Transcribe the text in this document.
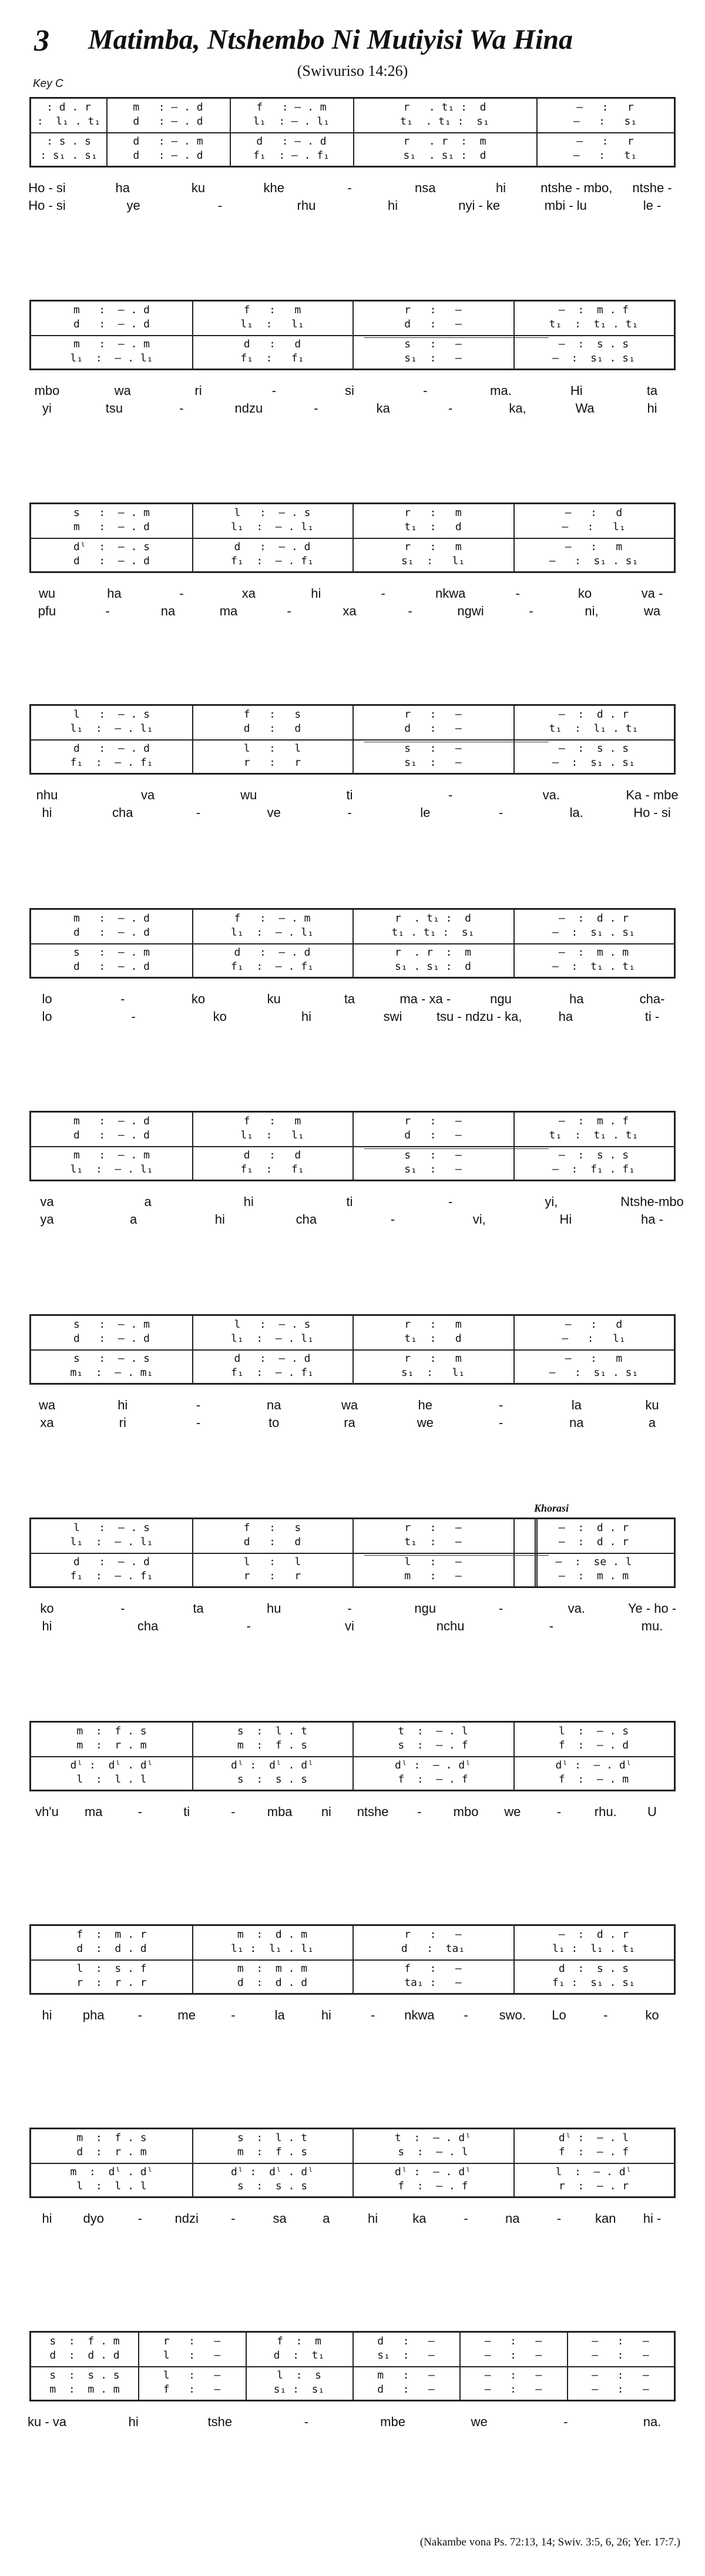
3 Matimba, Ntshembo Ni Mutiyisi Wa Hina
(Swivuriso 14:26)
Key C
: d . r	m   : – . d	f   : – . m	r   . t₁ :  d	—   :   r
:  l₁ . t₁	d   : – . d	l₁  : – . l₁	t₁  . t₁ :  s₁	—   :   s₁
: s . s	d   : – . m	d   : – . d	r   . r  :  m	—   :   r
: s₁ . s₁	d   : – . d	f₁  : – . f₁	s₁  . s₁ :  d	—   :   t₁
Ho - si	ha	ku	khe	-	nsa	hi	ntshe - mbo, ntshe -
Ho - si	ye	-	rhu	hi	nyi - ke	mbi - lu	le -
m   :  – . d	f   :   m	r   :   —	—  :  m . f
d   :  – . d	l₁  :   l₁	d   :   —	t₁  :  t₁ . t₁
m   :  – . m	d   :   d	s   :   —	—  :  s . s
l₁  :  – . l₁	f₁  :   f₁	s₁  :   —	—  :  s₁ . s₁
mbo	wa	ri	-	si	-	ma.	Hi	ta
yi	tsu	-	ndzu	-	ka	-	ka,	Wa	hi
s   :  – . m	l   :  – . s	r   :   m	—   :   d
m   :  – . d	l₁  :  – . l₁	t₁  :   d	—   :   l₁
dˡ  :  – . s	d   :  – . d	r   :   m	—   :   m
d   :  – . d	f₁  :  – . f₁	s₁  :   l₁	—   :  s₁ . s₁
wu	ha	-	xa	hi	-	nkwa	-	ko	va -
pfu	-	na	ma	-	xa	-	ngwi	-	ni,	wa
l   :  – . s	f   :   s	r   :   —	—  :  d . r
l₁  :  – . l₁	d   :   d	d   :   —	t₁  :  l₁ . t₁
d   :  – . d	l   :   l	s   :   —	—  :  s . s
f₁  :  – . f₁	r   :   r	s₁  :   —	—  :  s₁ . s₁
nhu	va	wu	ti	-	va.	Ka - mbe
hi	cha	-	ve	-	le	-	la.	Ho - si
m   :  – . d	f   :  – . m	r  . t₁ :  d	—  :  d . r
d   :  – . d	l₁  :  – . l₁	t₁ . t₁ :  s₁	—  :  s₁ . s₁
s   :  – . m	d   :  – . d	r  . r  :  m	—  :  m . m
d   :  – . d	f₁  :  – . f₁	s₁ . s₁ :  d	—  :  t₁ . t₁
lo	-	ko	ku	ta	ma - xa -	ngu	ha	cha-
lo	-	ko	hi	swi	tsu - ndzu - ka,	ha	ti -
m   :  – . d	f   :   m	r   :   —	—  :  m . f
d   :  – . d	l₁  :   l₁	d   :   —	t₁  :  t₁ . t₁
m   :  – . m	d   :   d	s   :   —	—  :  s . s
l₁  :  – . l₁	f₁  :   f₁	s₁  :   —	—  :  f₁ . f₁
va	a	hi	ti	-	yi,	Ntshe-mbo
ya	a	hi	cha	-	vi,	Hi	ha -
s   :  – . m	l   :  – . s	r   :   m	—   :   d
d   :  – . d	l₁  :  – . l₁	t₁  :   d	—   :   l₁
s   :  – . s	d   :  – . d	r   :   m	—   :   m
m₁  :  – . m₁	f₁  :  – . f₁	s₁  :   l₁	—   :  s₁ . s₁
wa	hi	-	na	wa	he	-	la	ku
xa	ri	-	to	ra	we	-	na	a
l   :  – . s	f   :   s	r   :   —	—  :  d . r
l₁  :  – . l₁	d   :   d	t₁  :   —	—  :  d . r
d   :  – . d	l   :   l	l   :   —	—  :  se . l
f₁  :  – . f₁	r   :   r	m   :   —	—  :  m . m
Khorasi
ko	-	ta	hu	-	ngu	-	va.	Ye - ho -
hi	cha	-	vi	nchu	-	mu.
m  :  f . s	s  :  l . t	t  :  – . l	l  :  – . s
m  :  r . m	m  :  f . s	s  :  – . f	f  :  – . d
dˡ :  dˡ . dˡ	dˡ :  dˡ . dˡ	dˡ :  – . dˡ	dˡ :  – . dˡ
l  :  l . l	s  :  s . s	f  :  – . f	f  :  – . m
vh'u ma	-	ti	- mba ni ntshe - mbo we	-	rhu. U
f  :  m . r	m  :  d . m	r   :   —	—  :  d . r
d  :  d . d	l₁ :  l₁ . l₁	d   :  ta₁	l₁ :  l₁ . t₁
l  :  s . f	m  :  m . m	f   :   —	d  :  s . s
r  :  r . r	d  :  d . d	ta₁ :   —	f₁ :  s₁ . s₁
hi pha	-	me	-	la	hi	- nkwa - swo. Lo	-	ko
m  :  f . s	s  :  l . t	t  :  – . dˡ	dˡ :  – . l
d  :  r . m	m  :  f . s	s  :  – . l	f  :  – . f
m  :  dˡ . dˡ	dˡ :  dˡ . dˡ	dˡ :  – . dˡ	l  :  – . dˡ
l  :  l . l	s  :  s . s	f  :  – . f	r  :  – . r
hi dyo	-	ndzi	-	sa	a	hi	ka	-	na	-	kan hi -
s  :  f . m	r   :   —	f  :  m	d   :   —	—   :   —	—   :   —
d  :  d . d	l   :   —	d  :  t₁	s₁  :   —	—   :   —	—   :   —
s  :  s . s	l   :   —	l  :  s	m   :   —	—   :   —	—   :   —
m  :  m . m	f   :   —	s₁ :  s₁	d   :   —	—   :   —	—   :   —
ku - va	hi	tshe	-	mbe	we	-	na.
(Nakambe vona Ps. 72:13, 14; Swiv. 3:5, 6, 26; Yer. 17:7.)
